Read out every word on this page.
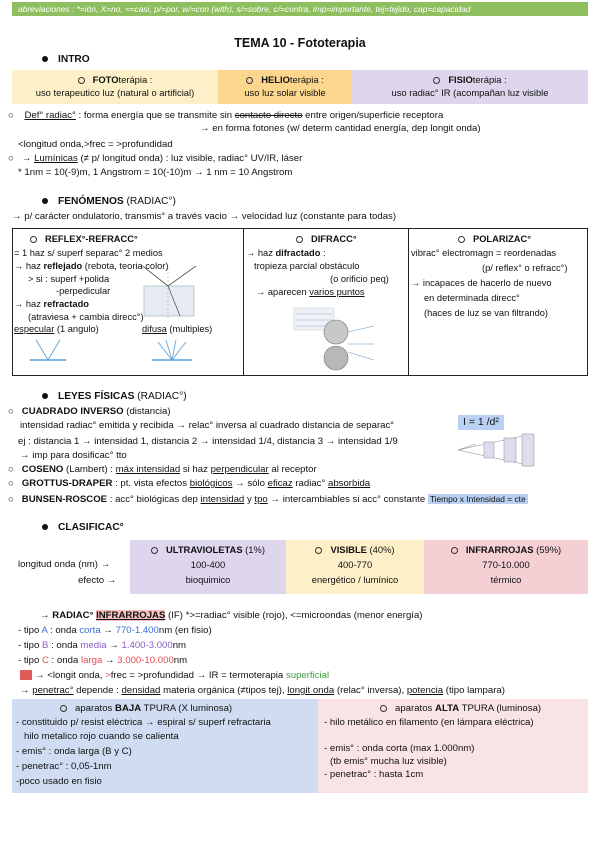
abreviaciones : *=ión, X=no, ≈=casi, p/=por, w/=con (with), s/=sobre, c/=contra, imp=importante, tej=tejido, cap=capacidad
TEMA 10 - Fototerapia
INTRO
FOTOterápia :
uso terapeutico luz (natural o artificial)
HELIOterápia :
uso luz solar visible
FISIOterápia :
uso radiac° IR (acompañan luz visible
○ Def° radiac° : forma energía que se transmite sin contacto directo entre origen/superficie receptora
→ en forma fotones (w/ determ cantidad energía, dep longit onda)
<longitud onda,>frec = >profundidad
○ → Lumínicas (≠ p/ longitud onda) : luz visible, radiac° UV/IR, láser
* 1nm = 10(-9)m, 1 Angstrom = 10(-10)m → 1 nm = 10 Angstrom
FENÓMENOS (RADIAC°)
→ p/ carácter ondulatorio, transmis° a través vacio → velocidad luz (constante para todas)
REFLEX°-REFRACC°
= 1 haz s/ superf separac° 2 medios
→ haz reflejado (rebota, teoria color)
> si : superf +polida
-perpedicular
→ haz refractado
(atraviesa + cambia direcc°)
especular (1 angulo)	difusa (multiples)
DIFRACC°
→ haz difractado :
tropieza parcial obstáculo
(o orificio peq)
→ aparecen varios puntos
POLARIZAC°
vibrac° electromagn = reordenadas
(p/ reflex° o refracc°)
→ incapaces de hacerlo de nuevo
en determinada direcc°
(haces de luz se van filtrando)
LEYES FÍSICAS (RADIAC°)
○ CUADRADO INVERSO (distancia)
intensidad radiac° emitida y recibida → relac° inversa al cuadrado distancia de separac°	I = 1 /d²
ej : distancia 1 → intensidad 1, distancia 2 → intensidad 1/4, distancia 3 → intensidad 1/9
→ imp para dosificac° tto
○ COSENO (Lambert) : máx intensidad si haz perpendicular al receptor
○ GROTTUS-DRAPER : pt. vista efectos biológicos → sólo eficaz radiac° absorbida
○ BUNSEN-ROSCOE : acc° biológicas dep intensidad y tpo → intercambiables si acc° constante Tiempo x Intensidad = cte
CLASIFICAC°
longitud onda (nm) →
efecto →
ULTRAVIOLETAS (1%)
100-400
bioquimico
VISIBLE (40%)
400-770
energético / lumínico
INFRARROJAS (59%)
770-10.000
térmico
→ RADIAC° INFRARROJAS (IF) *>=radiac° visible (rojo), <=microondas (menor energía)
- tipo A : onda corta → 770-1.400nm (en fisio)
- tipo B : onda media → 1.400-3.000nm
- tipo C : onda larga → 3.000-10.000nm
→ <longit onda, >frec = >profundidad → IR = termoterapia superficial
→ penetrac° depende : densidad materia orgánica (≠tipos tej), longit onda (relac° inversa), potencia (tipo lampara)
aparatos BAJA TPURA (X luminosa)
- constituido p/ resist eléctrica → espiral s/ superf refractaria
hilo metalico rojo cuando se calienta
- emis° : onda larga (B y C)
- penetrac° : 0,05-1nm
-poco usado en fisio
aparatos ALTA TPURA (luminosa)
- hilo metálico en filamento (en lámpara eléctrica)
- emis° : onda corta (max 1.000nm)
(tb emis° mucha luz visible)
- penetrac° : hasta 1cm
